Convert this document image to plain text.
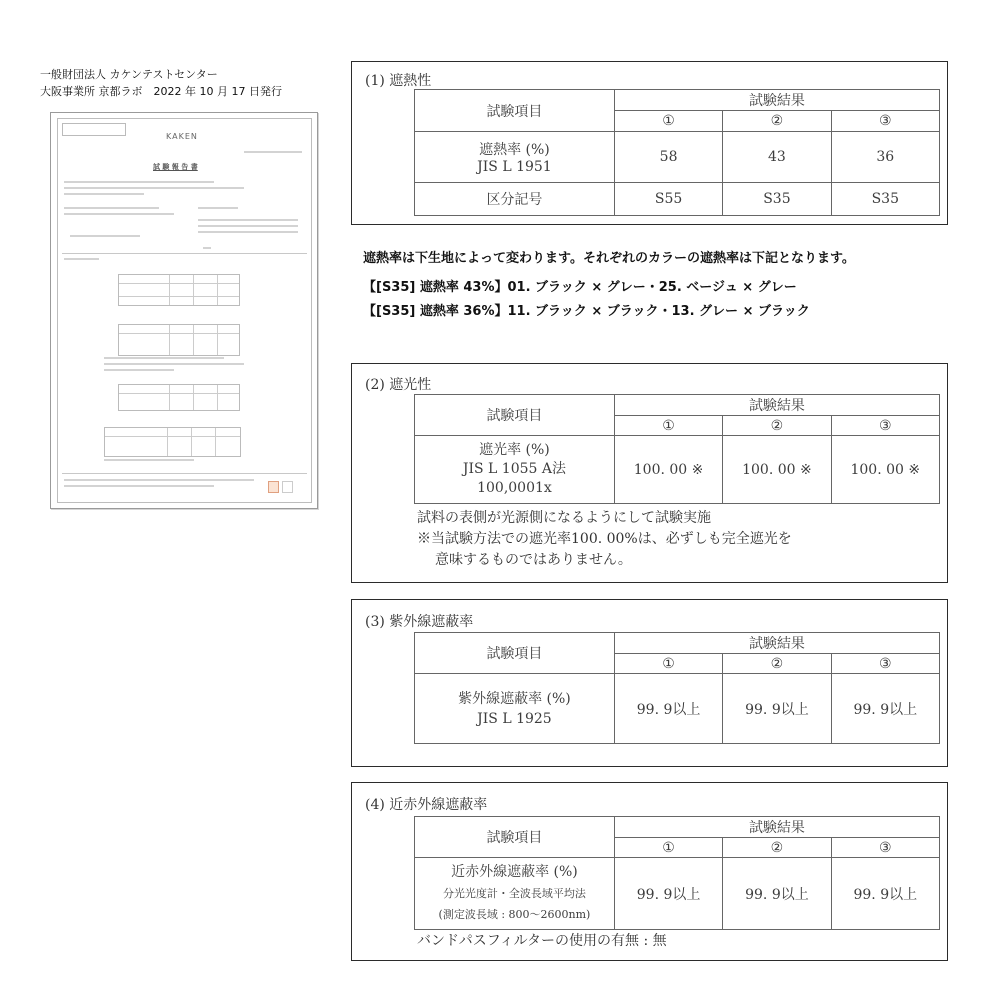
一般財団法人 カケンテストセンター
大阪事業所 京都ラボ　2022 年 10 月 17 日発行
KAKEN
試 験 報 告 書
(1) 遮熱性
試験項目	試験結果		
	①	②	③

遮熱率 (%)
JIS L 1951	58	43	36
区分記号	S55	S35	S35
遮熱率は下生地によって変わります。それぞれのカラーの遮熱率は下記となります。
【[S35] 遮熱率 43%】01. ブラック × グレー・25. ベージュ × グレー
【[S35] 遮熱率 36%】11. ブラック × ブラック・13. グレー × ブラック
(2) 遮光性
試験項目	試験結果		
	①	②	③

遮光率 (%)
JIS L 1055 A法
100,0001x	100. 00 ※	100. 00 ※	100. 00 ※
試料の表側が光源側になるようにして試験実施
※当試験方法での遮光率100. 00%は、必ずしも完全遮光を
意味するものではありません。
(3) 紫外線遮蔽率
試験項目	試験結果		
	①	②	③

紫外線遮蔽率 (%)
JIS L 1925	99. 9以上	99. 9以上	99. 9以上
(4) 近赤外線遮蔽率
試験項目	試験結果		
	①	②	③

近赤外線遮蔽率 (%)
分光光度計・全波長域平均法
(測定波長域 : 800〜2600nm)	99. 9以上	99. 9以上	99. 9以上
バンドパスフィルターの使用の有無 : 無
